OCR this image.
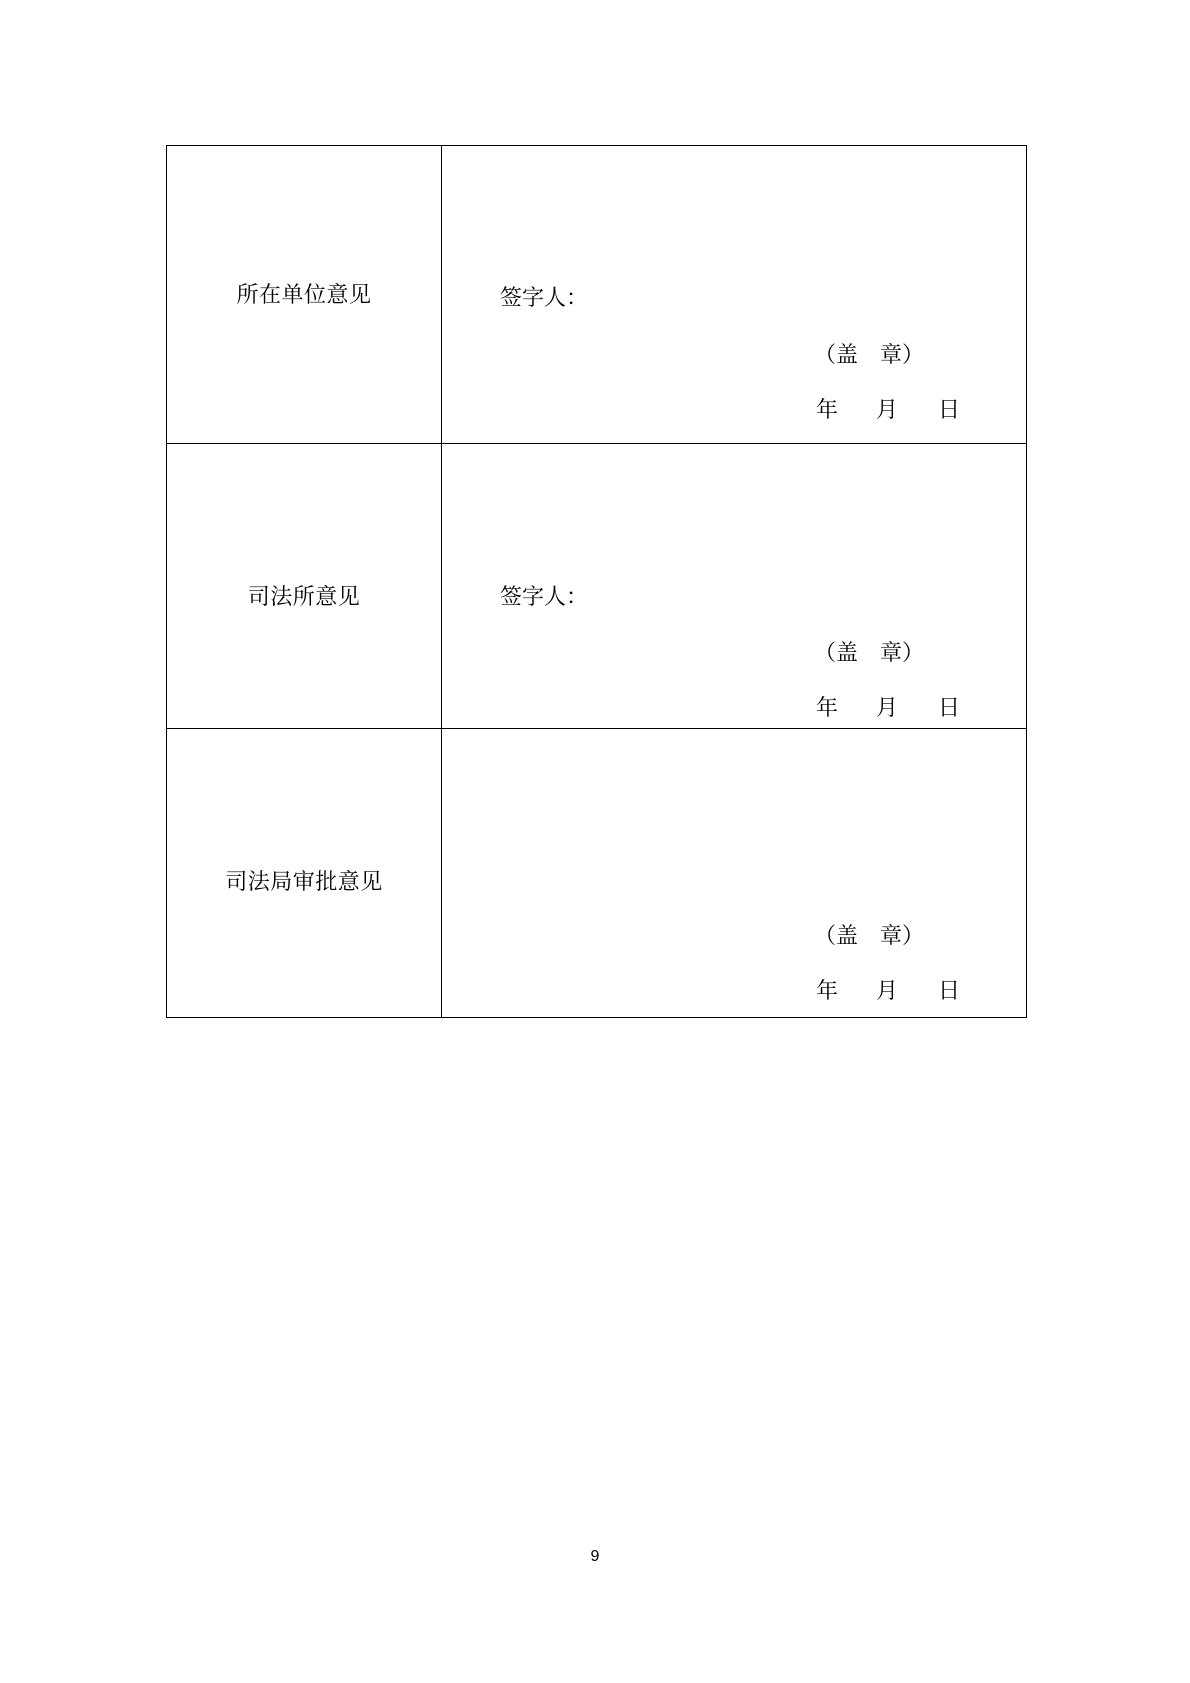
所在单位意见	签字人：
（盖　章）
年 月 日

司法所意见	签字人：
（盖　章）
年 月 日

司法局审批意见	（盖　章）
年 月 日
9
